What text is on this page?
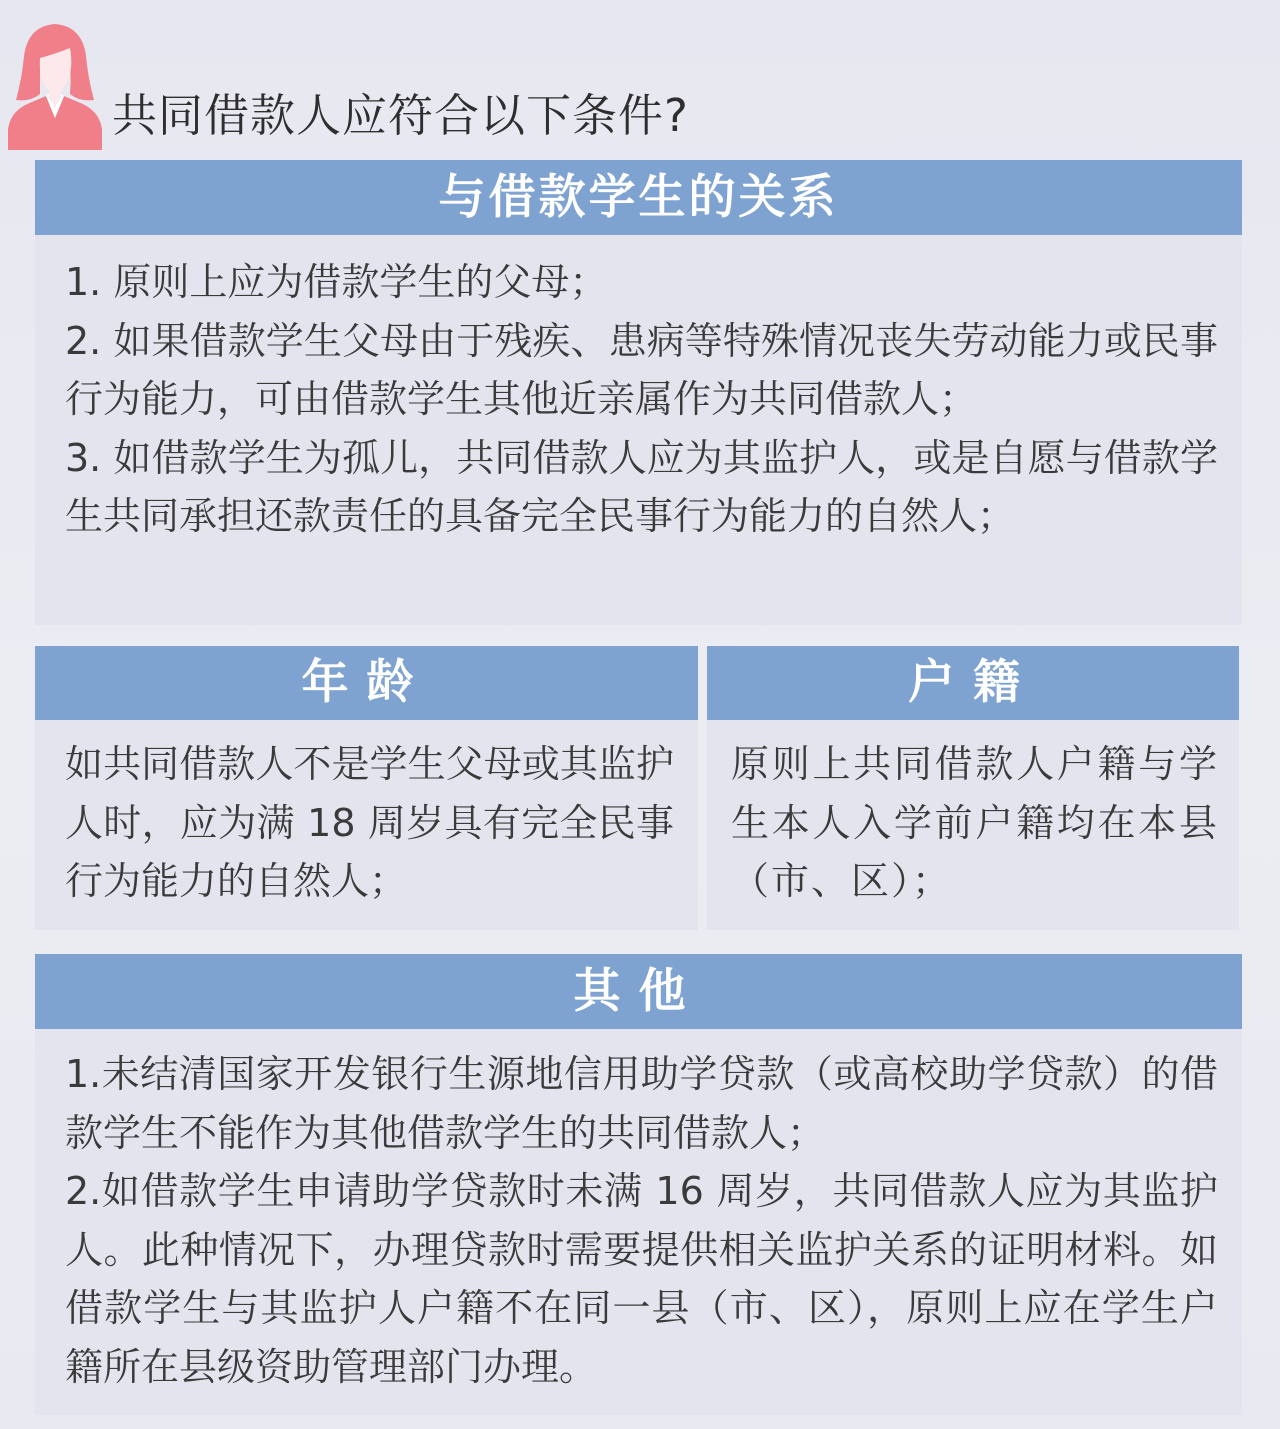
共同借款人应符合以下条件?
与借款学生的关系

1. 原则上应为借款学生的父母；

2. 如果借款学生父母由于残疾、患病等特殊情况丧失劳动能力或民事行为能力，可由借款学生其他近亲属作为共同借款人；

3. 如借款学生为孤儿，共同借款人应为其监护人，或是自愿与借款学生共同承担还款责任的具备完全民事行为能力的自然人；

年龄

如共同借款人不是学生父母或其监护人时，应为满 18 周岁具有完全民事行为能力的自然人；

户籍

原则上共同借款人户籍与学生本人入学前户籍均在本县（市、区）；

其他

1.未结清国家开发银行生源地信用助学贷款（或高校助学贷款）的借款学生不能作为其他借款学生的共同借款人；

2.如借款学生申请助学贷款时未满 16 周岁，共同借款人应为其监护人。此种情况下，办理贷款时需要提供相关监护关系的证明材料。如借款学生与其监护人户籍不在同一县（市、区），原则上应在学生户籍所在县级资助管理部门办理。
